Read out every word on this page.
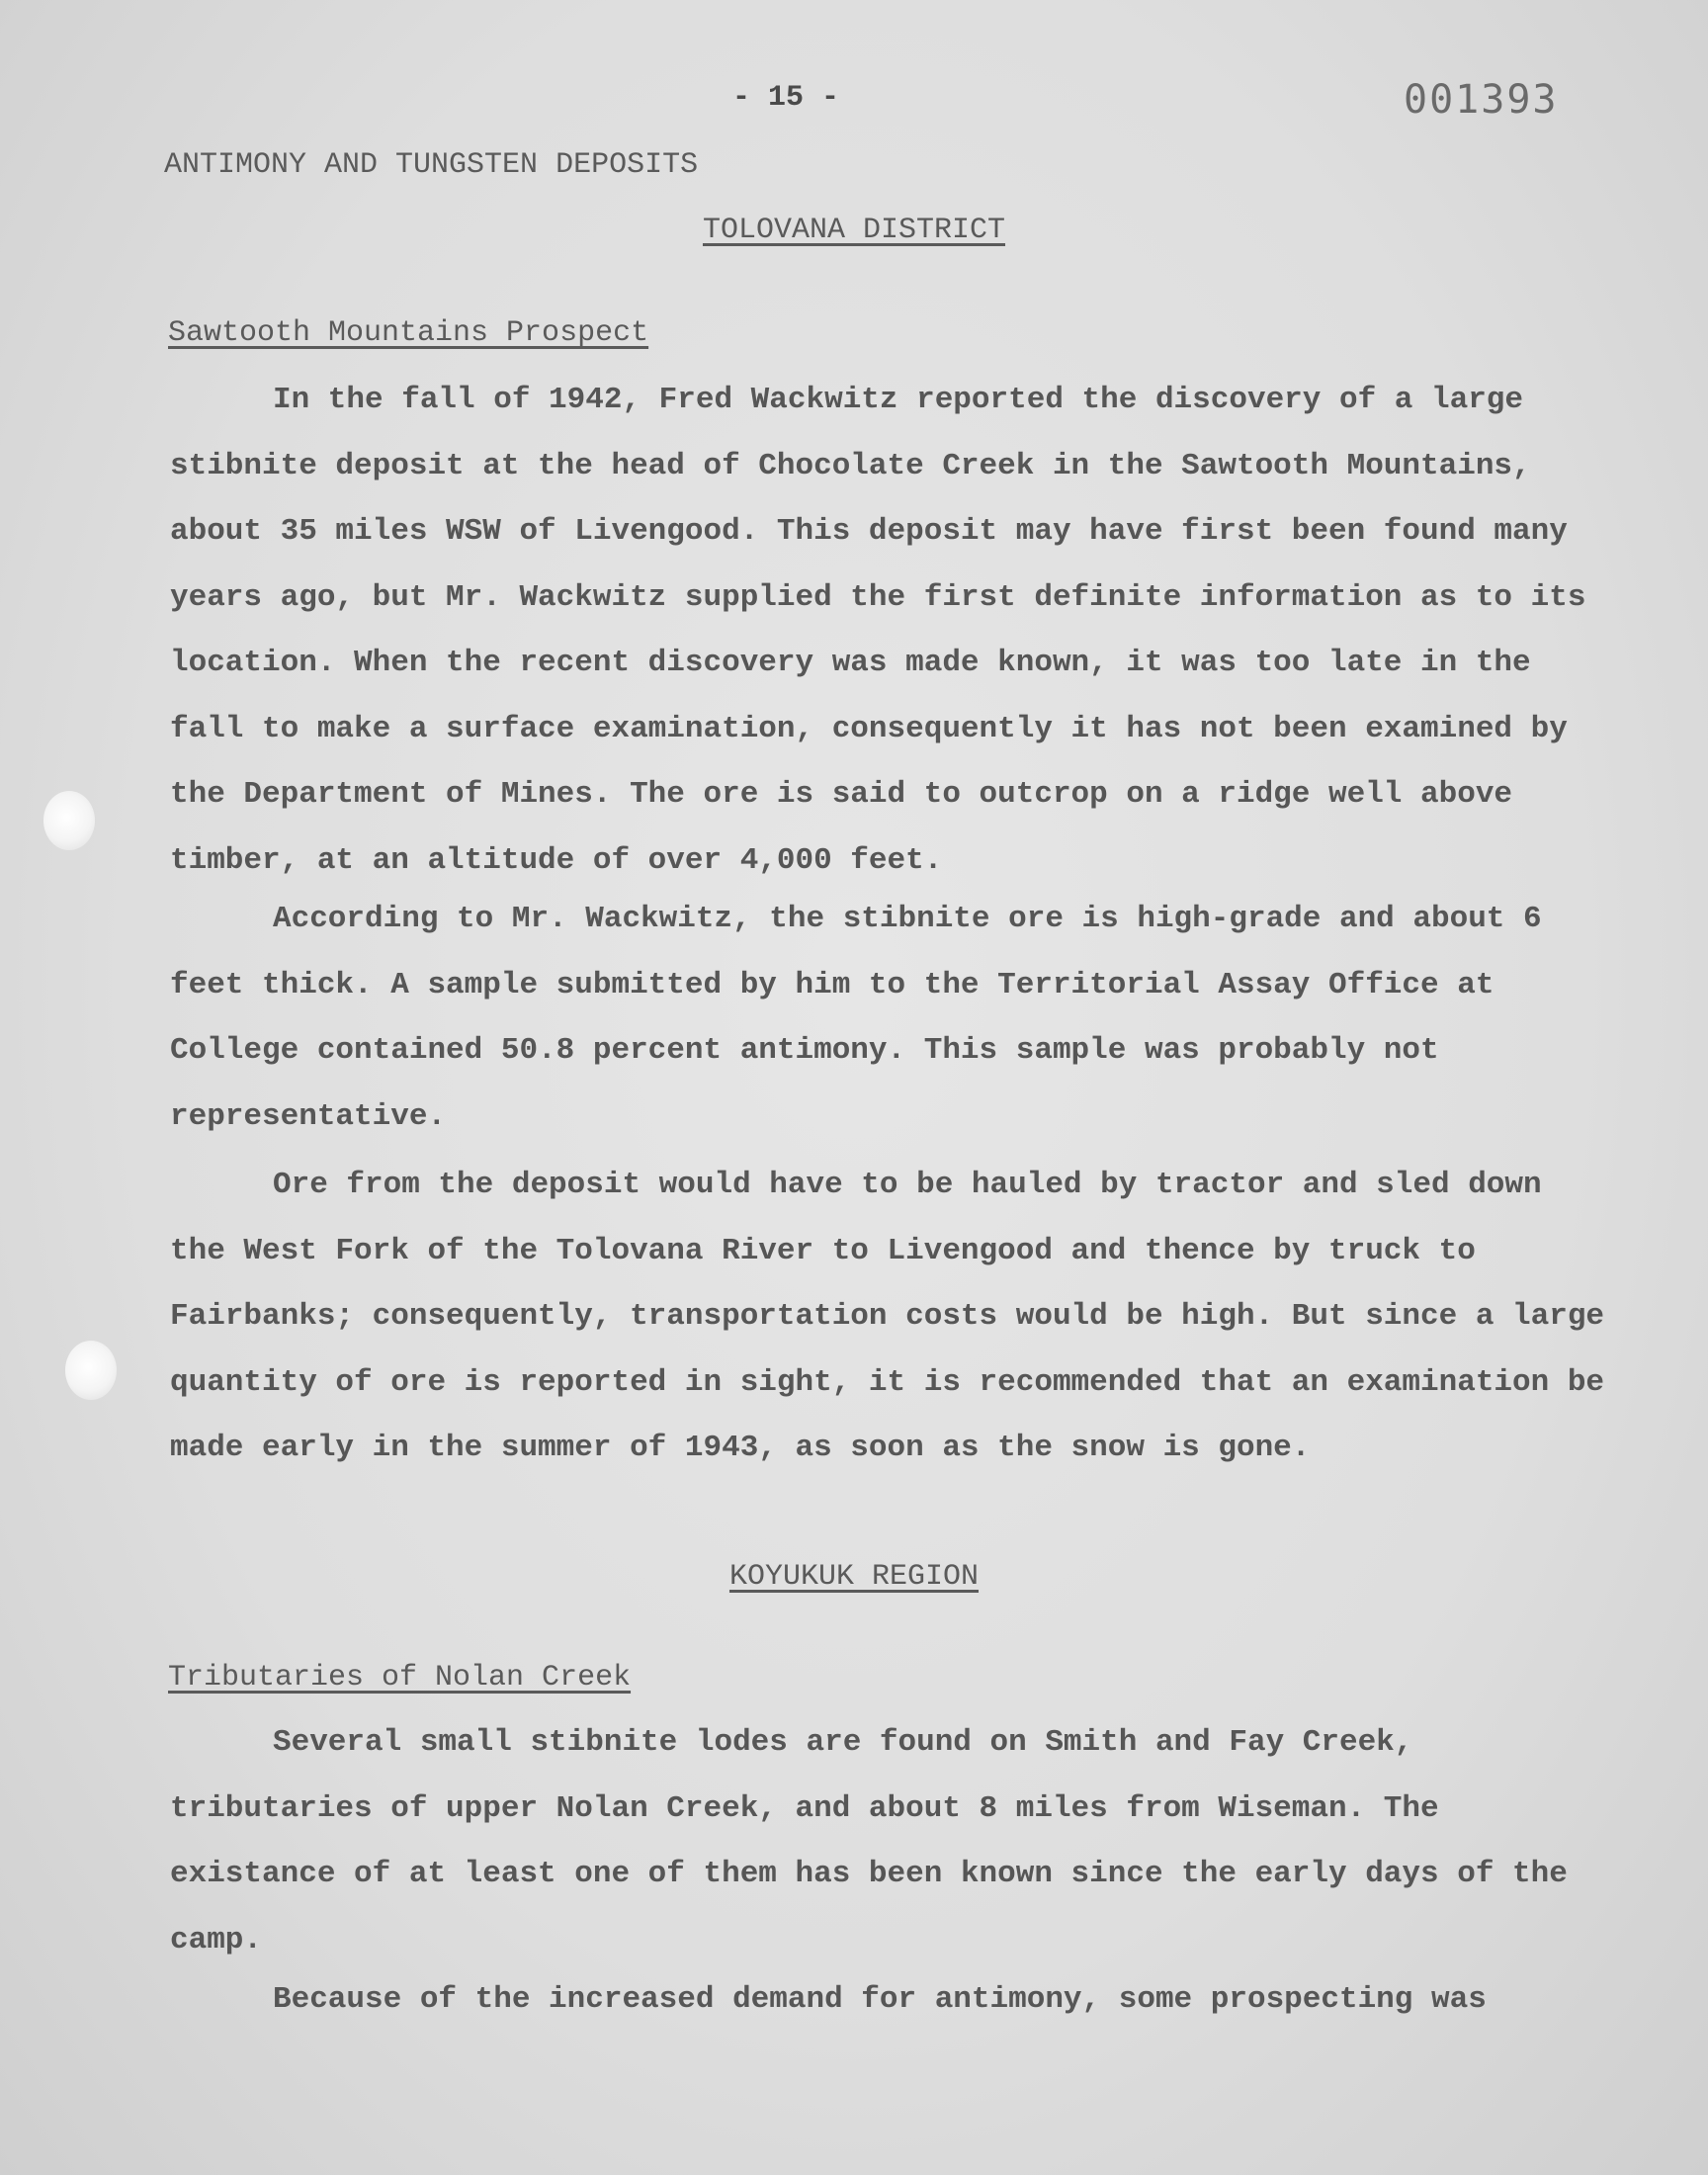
- 15 -	001393
ANTIMONY AND TUNGSTEN DEPOSITS
TOLOVANA DISTRICT
Sawtooth Mountains Prospect

In the fall of 1942, Fred Wackwitz reported the discovery of a large stibnite deposit at the head of Chocolate Creek in the Sawtooth Mountains, about 35 miles WSW of Livengood. This deposit may have first been found many years ago, but Mr. Wackwitz supplied the first definite information as to its location. When the recent discovery was made known, it was too late in the fall to make a surface examination, consequently it has not been examined by the Department of Mines. The ore is said to outcrop on a ridge well above timber, at an altitude of over 4,000 feet.

According to Mr. Wackwitz, the stibnite ore is high-grade and about 6 feet thick. A sample submitted by him to the Territorial Assay Office at College contained 50.8 percent antimony. This sample was probably not representative.

Ore from the deposit would have to be hauled by tractor and sled down the West Fork of the Tolovana River to Livengood and thence by truck to Fairbanks; consequently, transportation costs would be high. But since a large quantity of ore is reported in sight, it is recommended that an examination be made early in the summer of 1943, as soon as the snow is gone.

KOYUKUK REGION
Tributaries of Nolan Creek

Several small stibnite lodes are found on Smith and Fay Creek, tributaries of upper Nolan Creek, and about 8 miles from Wiseman. The existance of at least one of them has been known since the early days of the camp.

Because of the increased demand for antimony, some prospecting was
